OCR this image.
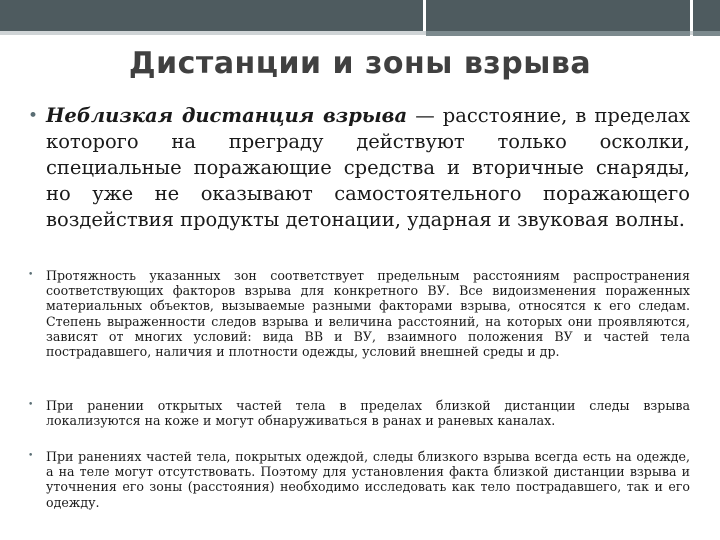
Дистанции и зоны взрыва
• Неблизкая дистанция взрыва — расстояние, в пределах которого на преграду действуют только осколки, специальные поражающие средства и вторичные снаряды, но уже не оказывают самостоятельного поражающего воздействия продукты детонации, ударная и звуковая волны.
• Протяжность указанных зон соответствует предельным расстояниям распространения соответствующих факторов взрыва для конкретного ВУ. Все видоизменения пораженных материальных объектов, вызываемые разными факторами взрыва, относятся к его следам. Степень выраженности следов взрыва и величина расстояний, на которых они проявляются, зависят от многих условий: вида ВВ и ВУ, взаимного положения ВУ и частей тела пострадавшего, наличия и плотности одежды, условий внешней среды и др.
• При ранении открытых частей тела в пределах близкой дистанции следы взрыва локализуются на коже и могут обнаруживаться в ранах и раневых каналах.
• При ранениях частей тела, покрытых одеждой, следы близкого взрыва всегда есть на одежде, а на теле могут отсутствовать. Поэтому для установления факта близкой дистанции взрыва и уточнения его зоны (расстояния) необходимо исследовать как тело пострадавшего, так и его одежду.
